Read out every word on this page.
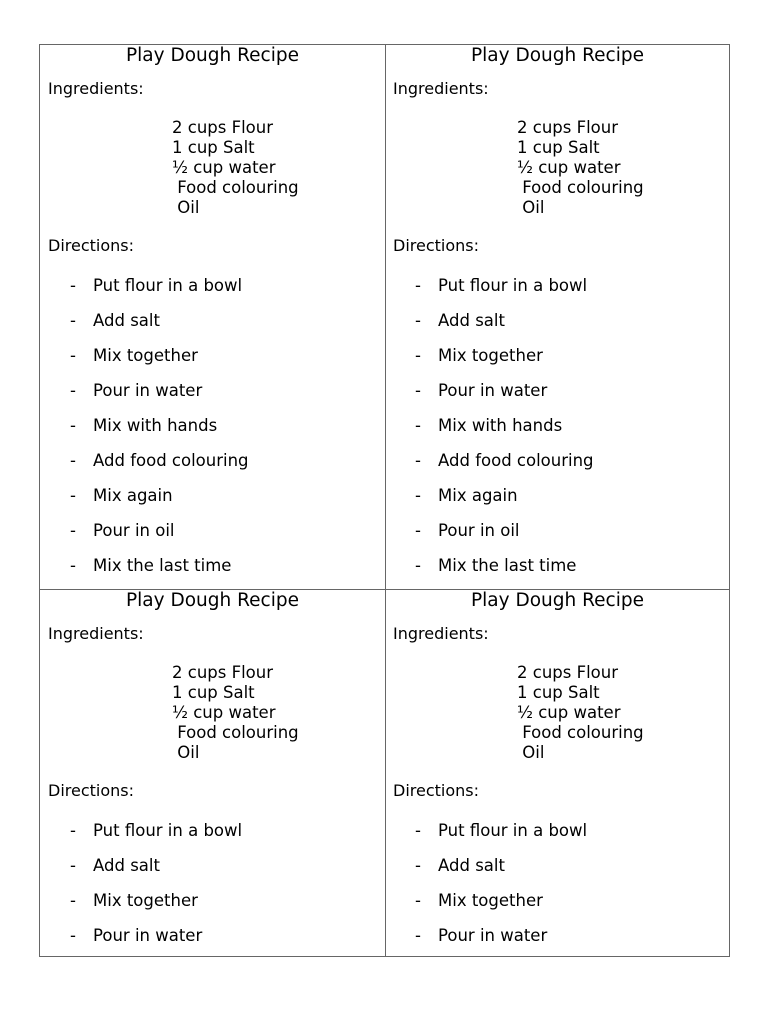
Play Dough Recipe
Ingredients:
2 cups Flour
1 cup Salt
½ cup water
Food colouring
Oil
Directions:
- Put flour in a bowl
- Add salt
- Mix together
- Pour in water
- Mix with hands
- Add food colouring
- Mix again
- Pour in oil
- Mix the last time
Play Dough Recipe
Ingredients:
2 cups Flour
1 cup Salt
½ cup water
Food colouring
Oil
Directions:
- Put flour in a bowl
- Add salt
- Mix together
- Pour in water
- Mix with hands
- Add food colouring
- Mix again
- Pour in oil
- Mix the last time
Play Dough Recipe
Ingredients:
2 cups Flour
1 cup Salt
½ cup water
Food colouring
Oil
Directions:
- Put flour in a bowl
- Add salt
- Mix together
- Pour in water
Play Dough Recipe
Ingredients:
2 cups Flour
1 cup Salt
½ cup water
Food colouring
Oil
Directions:
- Put flour in a bowl
- Add salt
- Mix together
- Pour in water
